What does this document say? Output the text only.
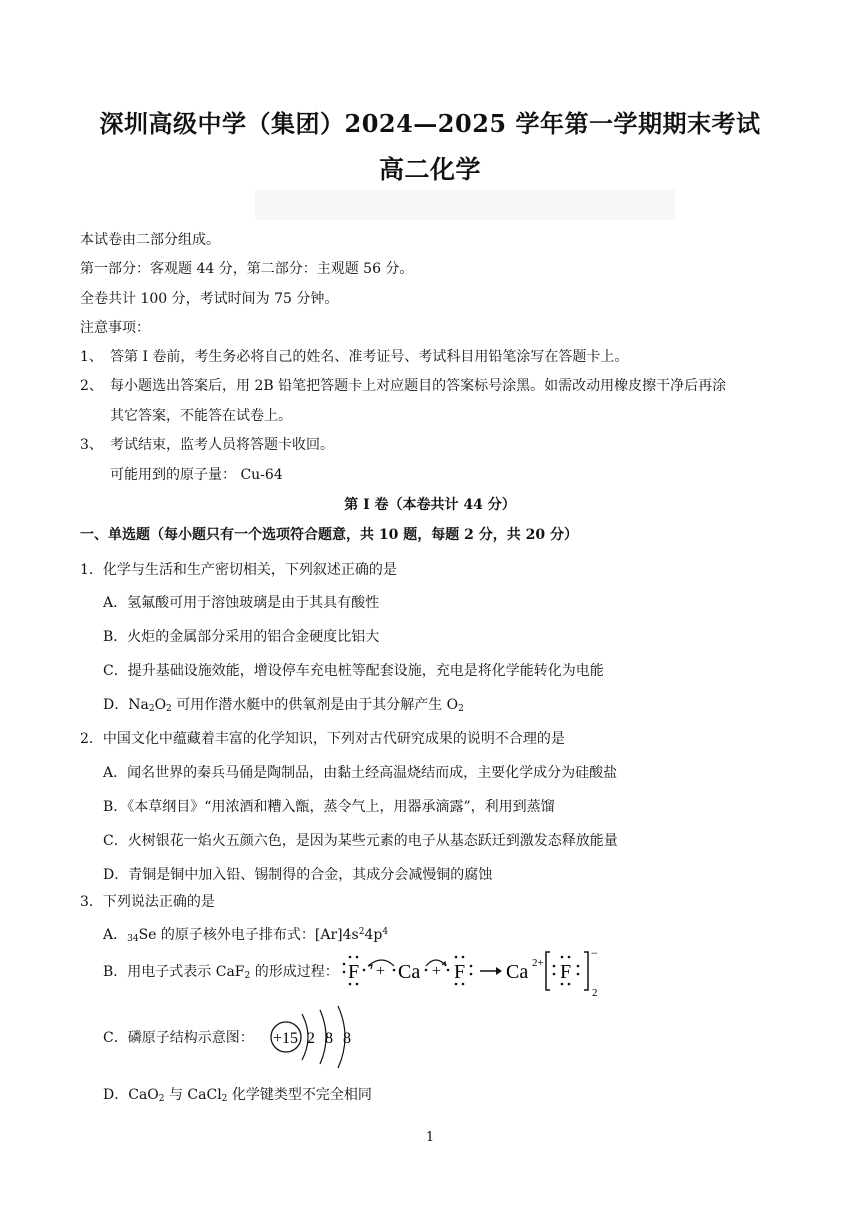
深圳高级中学（集团）2024—2025 学年第一学期期末考试
高二化学
本试卷由二部分组成。
第一部分：客观题 44 分，第二部分：主观题 56 分。
全卷共计 100 分，考试时间为 75 分钟。
注意事项：
1、 答第 I 卷前，考生务必将自己的姓名、准考证号、考试科目用铅笔涂写在答题卡上。
2、 每小题选出答案后，用 2B 铅笔把答题卡上对应题目的答案标号涂黑。如需改动用橡皮擦干净后再涂
其它答案，不能答在试卷上。
3、 考试结束，监考人员将答题卡收回。
可能用到的原子量： Cu-64
第 I 卷（本卷共计 44 分）
一、单选题（每小题只有一个选项符合题意，共 10 题，每题 2 分，共 20 分）
1．化学与生活和生产密切相关，下列叙述正确的是
A．氢氟酸可用于溶蚀玻璃是由于其具有酸性
B．火炬的金属部分采用的铝合金硬度比铝大
C．提升基础设施效能，增设停车充电桩等配套设施，充电是将化学能转化为电能
D．$Na_2O_2$ 可用作潜水艇中的供氧剂是由于其分解产生 $O_2$
2．中国文化中蕴藏着丰富的化学知识，下列对古代研究成果的说明不合理的是
A．闻名世界的秦兵马俑是陶制品，由黏土经高温烧结而成，主要化学成分为硅酸盐
B．《本草纲目》“用浓酒和糟入甑，蒸令气上，用器承滴露”，利用到蒸馏
C．火树银花一焰火五颜六色，是因为某些元素的电子从基态跃迁到激发态释放能量
D．青铜是铜中加入铅、锡制得的合金，其成分会减慢铜的腐蚀
3．下列说法正确的是
A．$_{34}$Se 的原子核外电子排布式：$[Ar]4s^24p^4$
B．用电子式表示 CaF$_2$ 的形成过程： F + Ca + F Ca 2+ F
−
2
C．磷原子结构示意图： +15 2 8 8
D．CaO$_2$ 与 CaCl$_2$ 化学键类型不完全相同
1
